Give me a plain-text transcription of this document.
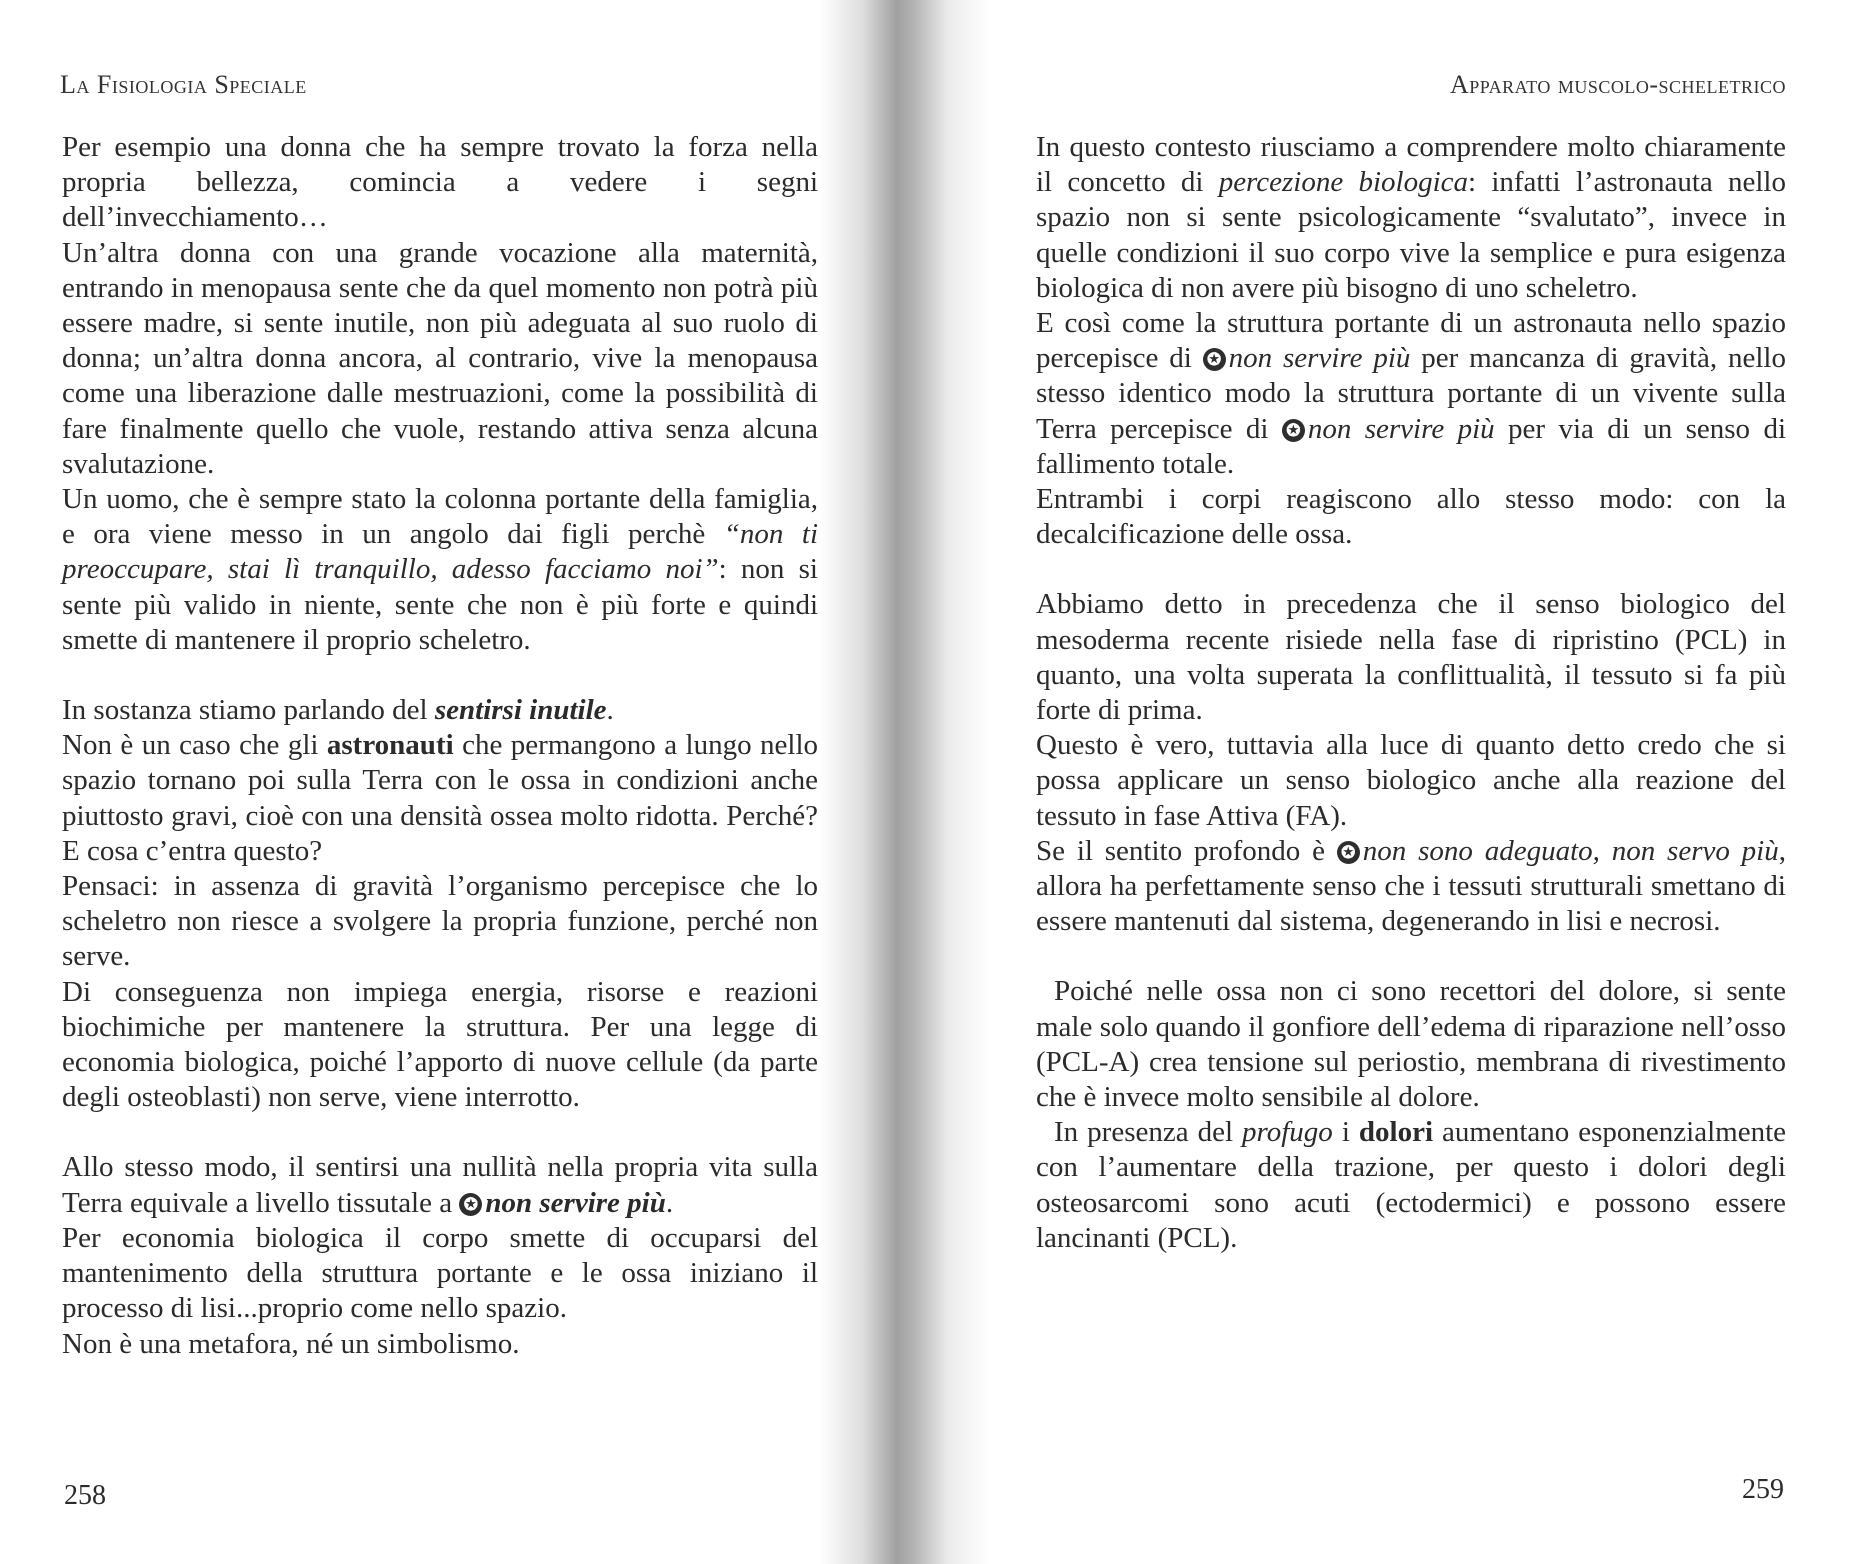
La Fisiologia Speciale

Per esempio una donna che ha sempre trovato la forza nella propria bellezza, comincia a vedere i segni dell’invecchiamento…

Un’altra donna con una grande vocazione alla maternità, entrando in menopausa sente che da quel momento non potrà più essere madre, si sente inutile, non più adeguata al suo ruolo di donna; un’altra donna ancora, al contrario, vive la menopausa come una liberazione dalle mestruazioni, come la possibilità di fare finalmente quello che vuole, restando attiva senza alcuna svalutazione.

Un uomo, che è sempre stato la colonna portante della famiglia, e ora viene messo in un angolo dai figli perchè “non ti preoccupare, stai lì tranquillo, adesso facciamo noi”: non si sente più valido in niente, sente che non è più forte e quindi smette di mantenere il proprio scheletro.

In sostanza stiamo parlando del sentirsi inutile.

Non è un caso che gli astronauti che permangono a lungo nello spazio tornano poi sulla Terra con le ossa in condizioni anche piuttosto gravi, cioè con una densità ossea molto ridotta. Perché? E cosa c’entra questo?

Pensaci: in assenza di gravità l’organismo percepisce che lo scheletro non riesce a svolgere la propria funzione, perché non serve.

Di conseguenza non impiega energia, risorse e reazioni biochimiche per mantenere la struttura. Per una legge di economia biologica, poiché l’apporto di nuove cellule (da parte degli osteoblasti) non serve, viene interrotto.

Allo stesso modo, il sentirsi una nullità nella propria vita sulla Terra equivale a livello tissutale a ✪ non servire più.

Per economia biologica il corpo smette di occuparsi del mantenimento della struttura portante e le ossa iniziano il processo di lisi...proprio come nello spazio.

Non è una metafora, né un simbolismo.

258
Apparato muscolo-scheletrico

In questo contesto riusciamo a comprendere molto chiaramente il concetto di percezione biologica: infatti l’astronauta nello spazio non si sente psicologicamente “svalutato”, invece in quelle condizioni il suo corpo vive la semplice e pura esigenza biologica di non avere più bisogno di uno scheletro.

E così come la struttura portante di un astronauta nello spazio percepisce di ✪ non servire più per mancanza di gravità, nello stesso identico modo la struttura portante di un vivente sulla Terra percepisce di ✪ non servire più per via di un senso di fallimento totale.

Entrambi i corpi reagiscono allo stesso modo: con la decalcificazione delle ossa.

Abbiamo detto in precedenza che il senso biologico del mesoderma recente risiede nella fase di ripristino (PCL) in quanto, una volta superata la conflittualità, il tessuto si fa più forte di prima.

Questo è vero, tuttavia alla luce di quanto detto credo che si possa applicare un senso biologico anche alla reazione del tessuto in fase Attiva (FA).

Se il sentito profondo è ✪ non sono adeguato, non servo più, allora ha perfettamente senso che i tessuti strutturali smettano di essere mantenuti dal sistema, degenerando in lisi e necrosi.

Poiché nelle ossa non ci sono recettori del dolore, si sente male solo quando il gonfiore dell’edema di riparazione nell’osso (PCL-A) crea tensione sul periostio, membrana di rivestimento che è invece molto sensibile al dolore.

In presenza del profugo i dolori aumentano esponenzialmente con l’aumentare della trazione, per questo i dolori degli osteosarcomi sono acuti (ectodermici) e possono essere lancinanti (PCL).

259
